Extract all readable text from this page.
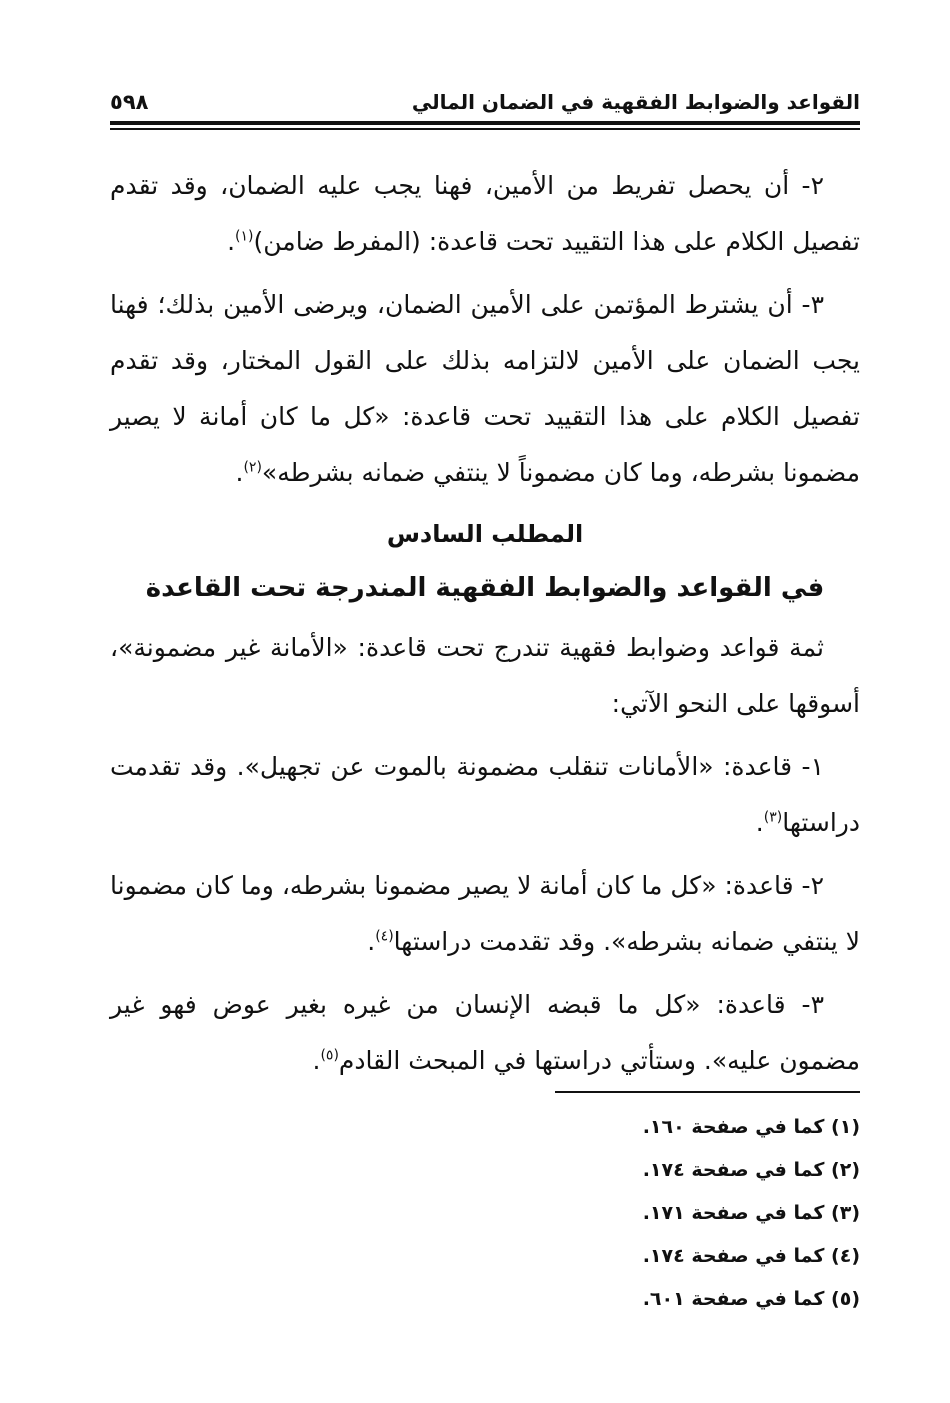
القواعد والضوابط الفقهية في الضمان المالي
٥٩٨

٢- أن يحصل تفريط من الأمين، فهنا يجب عليه الضمان، وقد تقدم تفصيل الكلام على هذا التقييد تحت قاعدة: (المفرط ضامن)$^{(١)}$.

٣- أن يشترط المؤتمن على الأمين الضمان، ويرضى الأمين بذلك؛ فهنا يجب الضمان على الأمين لالتزامه بذلك على القول المختار، وقد تقدم تفصيل الكلام على هذا التقييد تحت قاعدة: «كل ما كان أمانة لا يصير مضمونا بشرطه، وما كان مضموناً لا ينتفي ضمانه بشرطه»$^{(٢)}$.

المطلب السادس
في القواعد والضوابط الفقهية المندرجة تحت القاعدة

ثمة قواعد وضوابط فقهية تندرج تحت قاعدة: «الأمانة غير مضمونة»، أسوقها على النحو الآتي:

١- قاعدة: «الأمانات تنقلب مضمونة بالموت عن تجهيل». وقد تقدمت دراستها$^{(٣)}$.

٢- قاعدة: «كل ما كان أمانة لا يصير مضمونا بشرطه، وما كان مضمونا لا ينتفي ضمانه بشرطه». وقد تقدمت دراستها$^{(٤)}$.

٣- قاعدة: «كل ما قبضه الإنسان من غيره بغير عوض فهو غير مضمون عليه». وستأتي دراستها في المبحث القادم$^{(٥)}$.

(١) كما في صفحة ١٦٠.
(٢) كما في صفحة ١٧٤.
(٣) كما في صفحة ١٧١.
(٤) كما في صفحة ١٧٤.
(٥) كما في صفحة ٦٠١.
